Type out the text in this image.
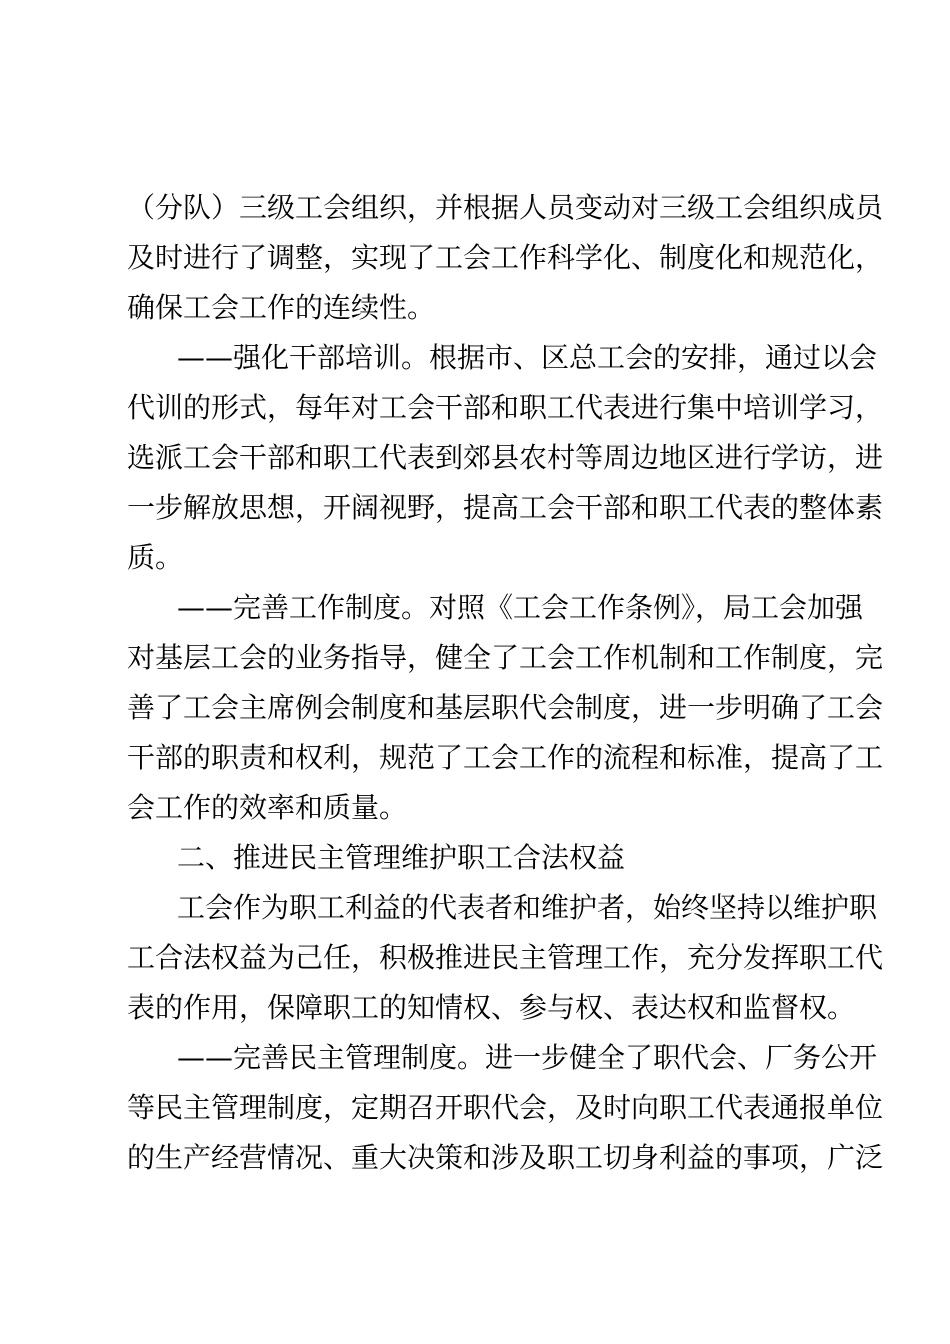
（分队）三级工会组织，并根据人员变动对三级工会组织成员
及时进行了调整，实现了工会工作科学化、制度化和规范化，
确保工会工作的连续性。
——强化干部培训。根据市、区总工会的安排，通过以会
代训的形式，每年对工会干部和职工代表进行集中培训学习，
选派工会干部和职工代表到郊县农村等周边地区进行学访，进
一步解放思想，开阔视野，提高工会干部和职工代表的整体素
质。
——完善工作制度。对照《工会工作条例》，局工会加强
对基层工会的业务指导，健全了工会工作机制和工作制度，完
善了工会主席例会制度和基层职代会制度，进一步明确了工会
干部的职责和权利，规范了工会工作的流程和标准，提高了工
会工作的效率和质量。
二、推进民主管理维护职工合法权益
工会作为职工利益的代表者和维护者，始终坚持以维护职
工合法权益为己任，积极推进民主管理工作，充分发挥职工代
表的作用，保障职工的知情权、参与权、表达权和监督权。
——完善民主管理制度。进一步健全了职代会、厂务公开
等民主管理制度，定期召开职代会，及时向职工代表通报单位
的生产经营情况、重大决策和涉及职工切身利益的事项，广泛
